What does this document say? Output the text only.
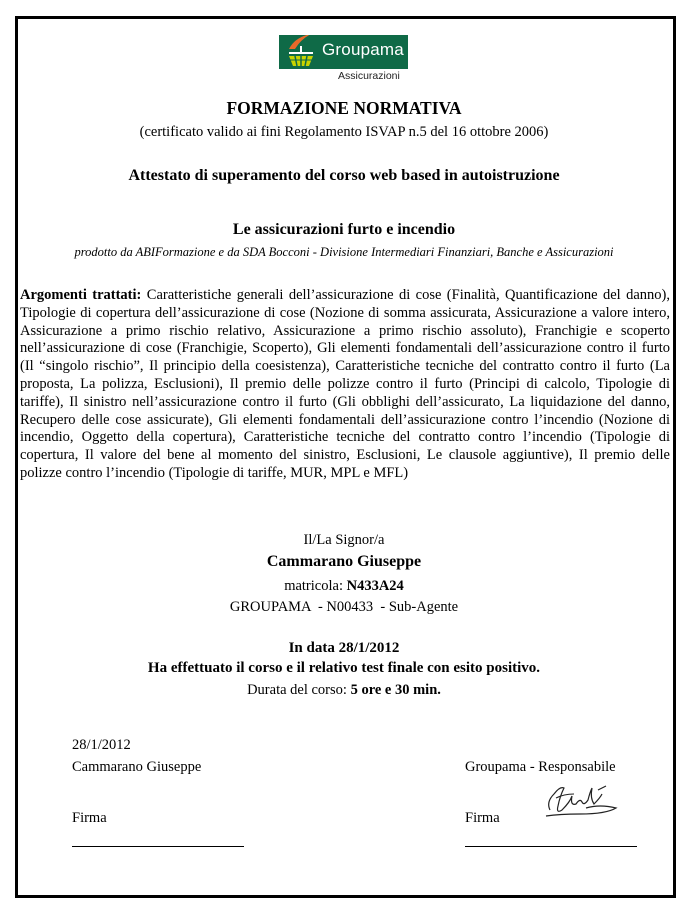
Groupama
Assicurazioni
FORMAZIONE NORMATIVA
(certificato valido ai fini Regolamento ISVAP n.5 del 16 ottobre 2006)
Attestato di superamento del corso web based in autoistruzione
Le assicurazioni furto e incendio
prodotto da ABIFormazione e da SDA Bocconi - Divisione Intermediari Finanziari, Banche e Assicurazioni
Argomenti trattati: Caratteristiche generali dell’assicurazione di cose (Finalità, Quantificazione del danno), Tipologie di copertura dell’assicurazione di cose (Nozione di somma assicurata, Assicurazione a valore intero, Assicurazione a primo rischio relativo, Assicurazione a primo rischio assoluto), Franchigie e scoperto nell’assicurazione di cose (Franchigie, Scoperto), Gli elementi fondamentali dell’assicurazione contro il furto (Il “singolo rischio”, Il principio della coesistenza), Caratteristiche tecniche del contratto contro il furto (La proposta, La polizza, Esclusioni), Il premio delle polizze contro il furto (Principi di calcolo, Tipologie di tariffe), Il sinistro nell’assicurazione contro il furto (Gli obblighi dell’assicurato, La liquidazione del danno, Recupero delle cose assicurate), Gli elementi fondamentali dell’assicurazione contro l’incendio (Nozione di incendio, Oggetto della copertura), Caratteristiche tecniche del contratto contro l’incendio (Tipologie di copertura, Il valore del bene al momento del sinistro, Esclusioni, Le clausole aggiuntive), Il premio delle polizze contro l’incendio (Tipologie di tariffe, MUR, MPL e MFL)
Il/La Signor/a
Cammarano Giuseppe
matricola: N433A24
GROUPAMA  - N00433  - Sub-Agente
In data 28/1/2012
Ha effettuato il corso e il relativo test finale con esito positivo.
Durata del corso: 5 ore e 30 min.
28/1/2012
Cammarano Giuseppe	Groupama - Responsabile
Firma	Firma
